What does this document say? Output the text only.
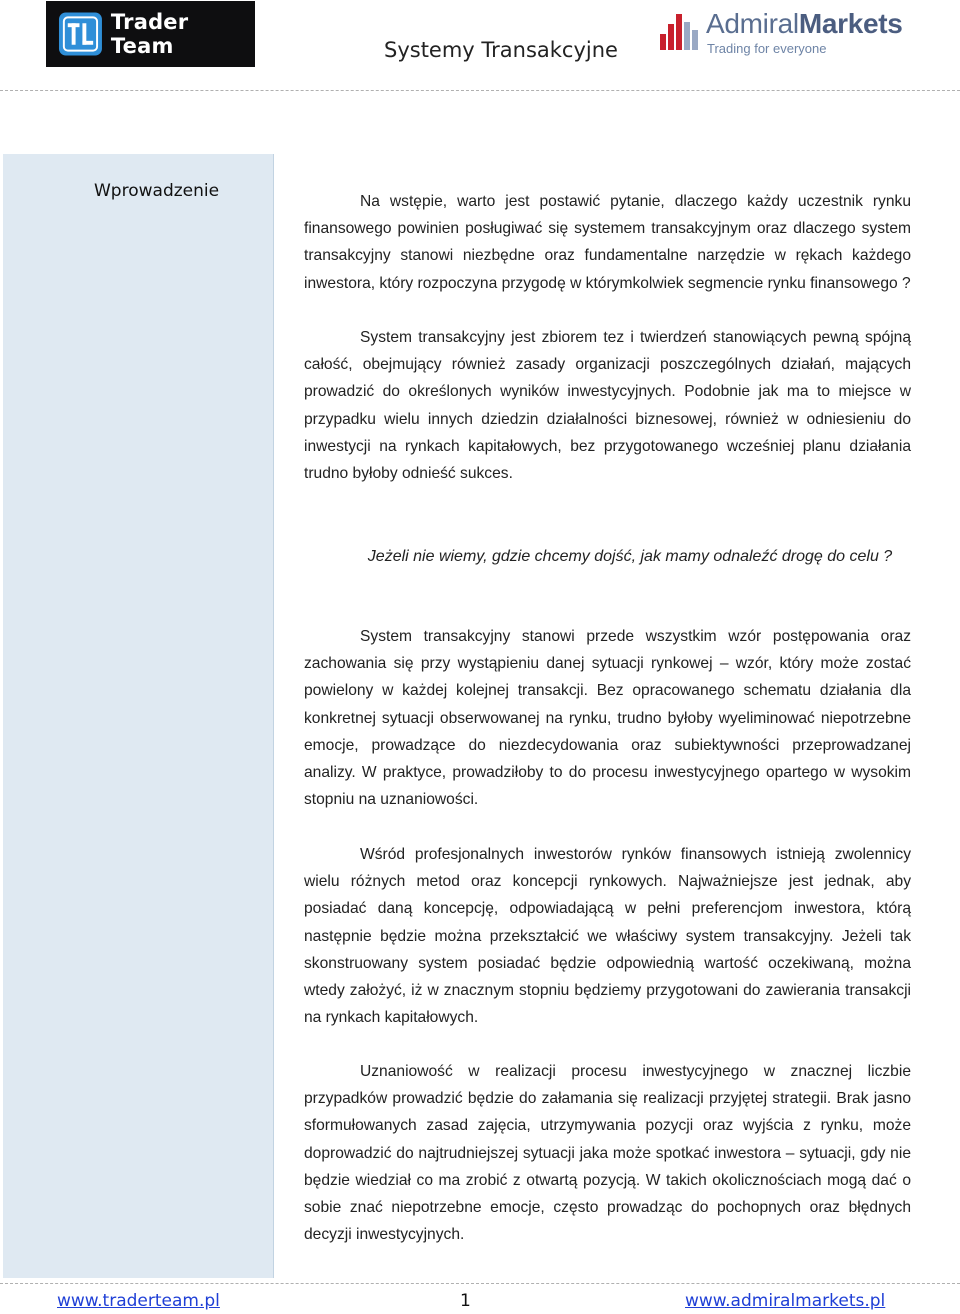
Trader Team	Systemy Transakcyjne
AdmiralMarkets
Trading for everyone
Wprowadzenie

Na wstępie, warto jest postawić pytanie, dlaczego każdy uczestnik rynku finansowego powinien posługiwać się systemem transakcyjnym oraz dlaczego system transakcyjny stanowi niezbędne oraz fundamentalne narzędzie w rękach każdego inwestora, który rozpoczyna przygodę w którymkolwiek segmencie rynku finansowego ?

System transakcyjny jest zbiorem tez i twierdzeń stanowiących pewną spójną całość, obejmujący również zasady organizacji poszczególnych działań, mających prowadzić do określonych wyników inwestycyjnych. Podobnie jak ma to miejsce w przypadku wielu innych dziedzin działalności biznesowej, również w odniesieniu do inwestycji na rynkach kapitałowych, bez przygotowanego wcześniej planu działania trudno byłoby odnieść sukces.

Jeżeli nie wiemy, gdzie chcemy dojść, jak mamy odnaleźć drogę do celu ?

System transakcyjny stanowi przede wszystkim wzór postępowania oraz zachowania się przy wystąpieniu danej sytuacji rynkowej – wzór, który może zostać powielony w każdej kolejnej transakcji. Bez opracowanego schematu działania dla konkretnej sytuacji obserwowanej na rynku, trudno byłoby wyeliminować niepotrzebne emocje, prowadzące do niezdecydowania oraz subiektywności przeprowadzanej analizy. W praktyce, prowadziłoby to do procesu inwestycyjnego opartego w wysokim stopniu na uznaniowości.

Wśród profesjonalnych inwestorów rynków finansowych istnieją zwolennicy wielu różnych metod oraz koncepcji rynkowych. Najważniejsze jest jednak, aby posiadać daną koncepcję, odpowiadającą w pełni preferencjom inwestora, którą następnie będzie można przekształcić we właściwy system transakcyjny. Jeżeli tak skonstruowany system posiadać będzie odpowiednią wartość oczekiwaną, można wtedy założyć, iż w znacznym stopniu będziemy przygotowani do zawierania transakcji na rynkach kapitałowych.

Uznaniowość w realizacji procesu inwestycyjnego w znacznej liczbie przypadków prowadzić będzie do załamania się realizacji przyjętej strategii. Brak jasno sformułowanych zasad zajęcia, utrzymywania pozycji oraz wyjścia z rynku, może doprowadzić do najtrudniejszej sytuacji jaka może spotkać inwestora – sytuacji, gdy nie będzie wiedział co ma zrobić z otwartą pozycją. W takich okolicznościach mogą dać o sobie znać niepotrzebne emocje, często prowadząc do pochopnych oraz błędnych decyzji inwestycyjnych.

www.traderteam.pl	1	www.admiralmarkets.pl
